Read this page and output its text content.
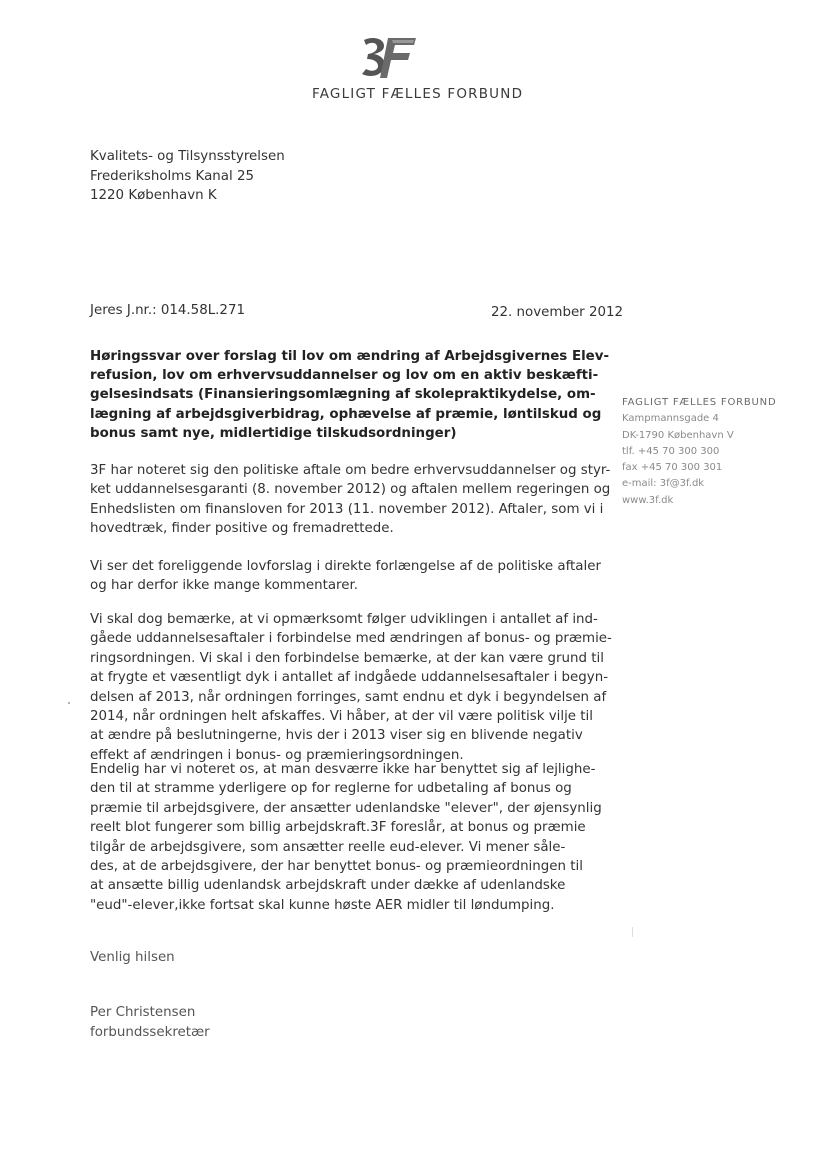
FAGLIGT FÆLLES FORBUND
Kvalitets- og Tilsynsstyrelsen
Frederiksholms Kanal 25
1220 København K
Jeres J.nr.: 014.58L.271	22. november 2012
Høringssvar over forslag til lov om ændring af Arbejdsgivernes Elev-
refusion, lov om erhvervsuddannelser og lov om en aktiv beskæfti-
gelsesindsats (Finansieringsomlægning af skolepraktikydelse, om-
lægning af arbejdsgiverbidrag, ophævelse af præmie, løntilskud og
bonus samt nye, midlertidige tilskudsordninger)
FAGLIGT FÆLLES FORBUND
Kampmannsgade 4
DK-1790 København V
tlf. +45 70 300 300
fax +45 70 300 301
e-mail: 3f@3f.dk
www.3f.dk
3F har noteret sig den politiske aftale om bedre erhvervsuddannelser og styr-
ket uddannelsesgaranti (8. november 2012) og aftalen mellem regeringen og
Enhedslisten om finansloven for 2013 (11. november 2012). Aftaler, som vi i
hovedtræk, finder positive og fremadrettede.
Vi ser det foreliggende lovforslag i direkte forlængelse af de politiske aftaler
og har derfor ikke mange kommentarer.
Vi skal dog bemærke, at vi opmærksomt følger udviklingen i antallet af ind-
gåede uddannelsesaftaler i forbindelse med ændringen af bonus- og præmie-
ringsordningen. Vi skal i den forbindelse bemærke, at der kan være grund til
at frygte et væsentligt dyk i antallet af indgåede uddannelsesaftaler i begyn-
delsen af 2013, når ordningen forringes, samt endnu et dyk i begyndelsen af
2014, når ordningen helt afskaffes. Vi håber, at der vil være politisk vilje til
at ændre på beslutningerne, hvis der i 2013 viser sig en blivende negativ
effekt af ændringen i bonus- og præmieringsordningen.
Endelig har vi noteret os, at man desværre ikke har benyttet sig af lejlighe-
den til at stramme yderligere op for reglerne for udbetaling af bonus og
præmie til arbejdsgivere, der ansætter udenlandske "elever", der øjensynlig
reelt blot fungerer som billig arbejdskraft.3F foreslår, at bonus og præmie
tilgår de arbejdsgivere, som ansætter reelle eud-elever. Vi mener såle-
des, at de arbejdsgivere, der har benyttet bonus- og præmieordningen til
at ansætte billig udenlandsk arbejdskraft under dække af udenlandske
"eud"-elever,ikke fortsat skal kunne høste AER midler til løndumping.
Venlig hilsen
Per Christensen
forbundssekretær
